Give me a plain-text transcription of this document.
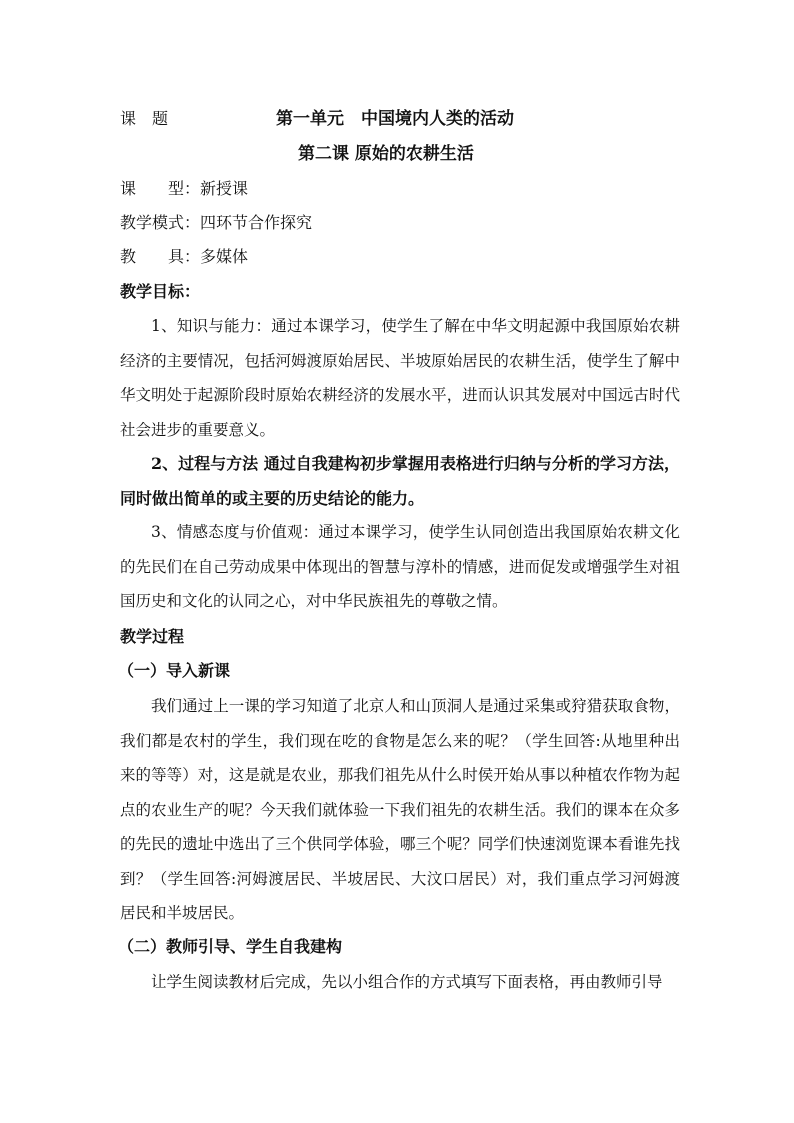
课　题	第一单元　中国境内人类的活动
第二课 原始的农耕生活
课　　型：新授课
教学模式：四环节合作探究
教　　具：多媒体
教学目标：
1、知识与能力：通过本课学习，使学生了解在中华文明起源中我国原始农耕经济的主要情况，包括河姆渡原始居民、半坡原始居民的农耕生活，使学生了解中华文明处于起源阶段时原始农耕经济的发展水平，进而认识其发展对中国远古时代社会进步的重要意义。
2、过程与方法 通过自我建构初步掌握用表格进行归纳与分析的学习方法，同时做出简单的或主要的历史结论的能力。
3、情感态度与价值观：通过本课学习，使学生认同创造出我国原始农耕文化的先民们在自己劳动成果中体现出的智慧与淳朴的情感，进而促发或增强学生对祖国历史和文化的认同之心，对中华民族祖先的尊敬之情。
教学过程
（一）导入新课
我们通过上一课的学习知道了北京人和山顶洞人是通过采集或狩猎获取食物，我们都是农村的学生，我们现在吃的食物是怎么来的呢？（学生回答:从地里种出来的等等）对，这是就是农业，那我们祖先从什么时侯开始从事以种植农作物为起点的农业生产的呢？今天我们就体验一下我们祖先的农耕生活。我们的课本在众多的先民的遗址中选出了三个供同学体验，哪三个呢？同学们快速浏览课本看谁先找到？（学生回答:河姆渡居民、半坡居民、大汶口居民）对，我们重点学习河姆渡居民和半坡居民。
（二）教师引导、学生自我建构
让学生阅读教材后完成，先以小组合作的方式填写下面表格，再由教师引导
